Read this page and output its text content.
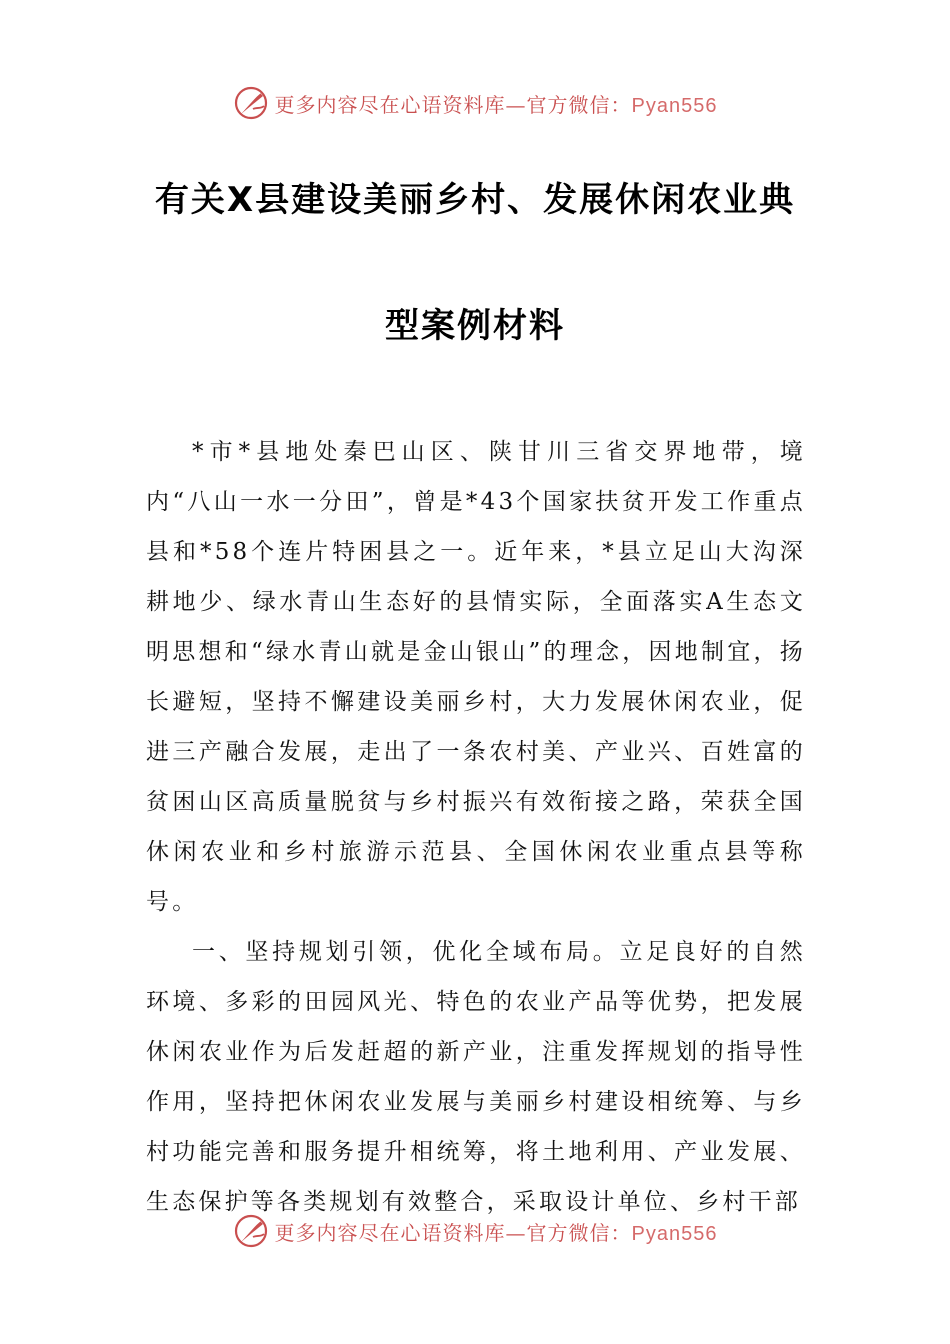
更多内容尽在心语资料库—官方微信：Pyan556
有关X县建设美丽乡村、发展休闲农业典
型案例材料

*市*县地处秦巴山区、陕甘川三省交界地带，境内“八山一水一分田”，曾是*43个国家扶贫开发工作重点县和*58个连片特困县之一。近年来，*县立足山大沟深耕地少、绿水青山生态好的县情实际，全面落实A生态文明思想和“绿水青山就是金山银山”的理念，因地制宜，扬长避短，坚持不懈建设美丽乡村，大力发展休闲农业，促进三产融合发展，走出了一条农村美、产业兴、百姓富的贫困山区高质量脱贫与乡村振兴有效衔接之路，荣获全国休闲农业和乡村旅游示范县、全国休闲农业重点县等称号。

一、坚持规划引领，优化全域布局。立足良好的自然环境、多彩的田园风光、特色的农业产品等优势，把发展休闲农业作为后发赶超的新产业，注重发挥规划的指导性作用，坚持把休闲农业发展与美丽乡村建设相统筹、与乡村功能完善和服务提升相统筹，将土地利用、产业发展、生态保护等各类规划有效整合，采取设计单位、乡村干部

更多内容尽在心语资料库—官方微信：Pyan556
